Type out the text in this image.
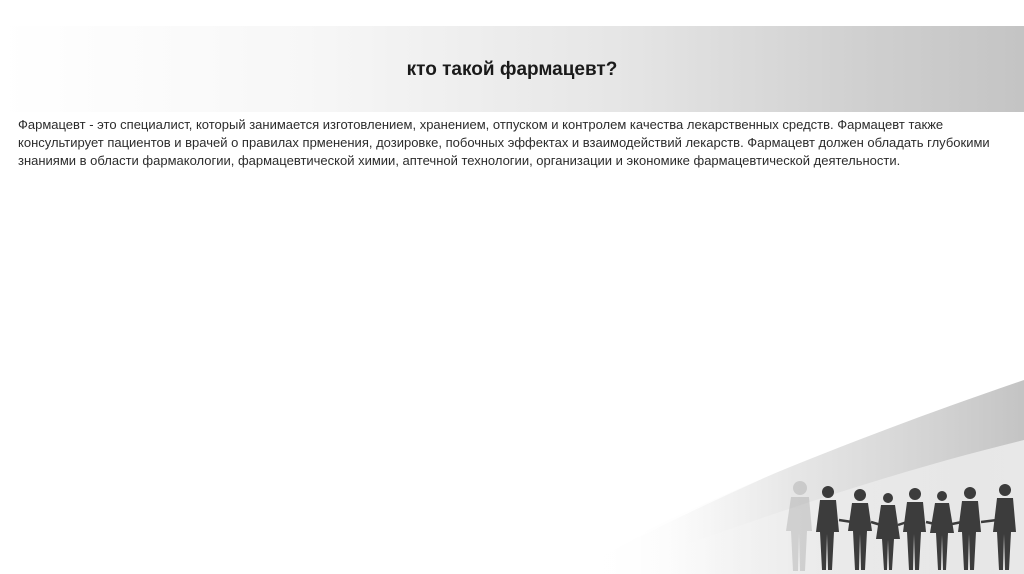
кто такой фармацевт?

Фармацевт - это специалист, который занимается изготовлением, хранением, отпуском и контролем качества лекарственных средств. Фармацевт также консультирует пациентов и врачей о правилах прменения, дозировке, побочных эффектах и взаимодействий лекарств. Фармацевт должен обладать глубокими знаниями в области фармакологии, фармацевтической химии, аптечной технологии, организации и экономике фармацевтической деятельности.
